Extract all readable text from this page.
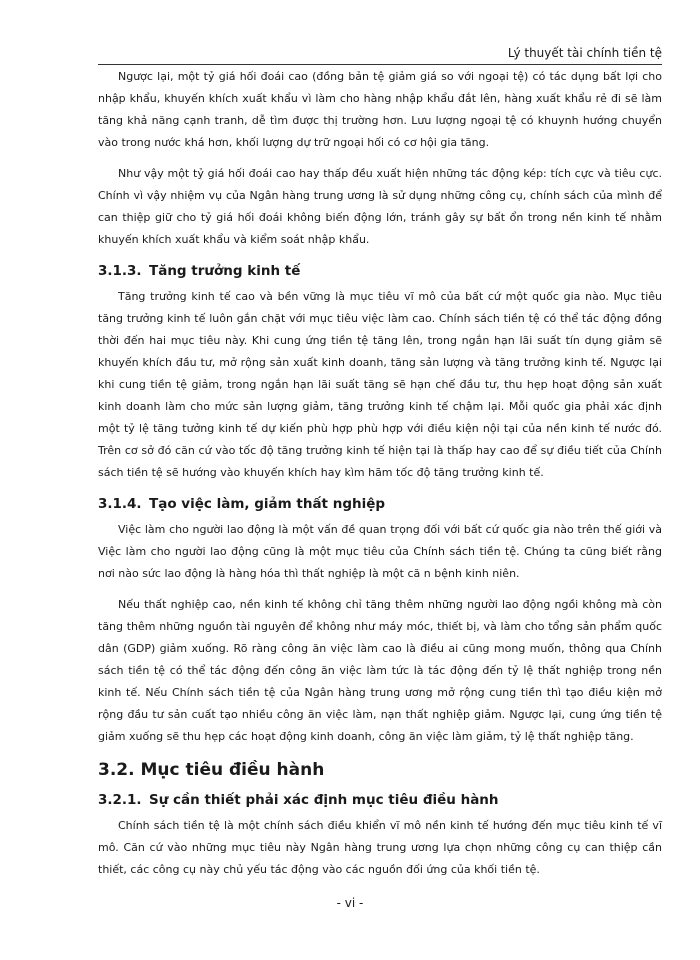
Lý thuyết tài chính tiền tệ

Ngược lại, một tỷ giá hối đoái cao (đồng bản tệ giảm giá so với ngoại tệ) có tác dụng bất lợi cho nhập khẩu, khuyến khích xuất khẩu vì làm cho hàng nhập khẩu đắt lên, hàng xuất khẩu rẻ đi sẽ làm tăng khả năng cạnh tranh, dễ tìm được thị trường hơn. Lưu lượng ngoại tệ có khuynh hướng chuyển vào trong nước khá hơn, khối lượng dự trữ ngoại hối có cơ hội gia tăng.

Như vậy một tỷ giá hối đoái cao hay thấp đều xuất hiện những tác động kép: tích cực và tiêu cực. Chính vì vậy nhiệm vụ của Ngân hàng trung ương là sử dụng những công cụ, chính sách của mình để can thiệp giữ cho tỷ giá hối đoái không biến động lớn, tránh gây sự bất ổn trong nền kinh tế nhằm khuyến khích xuất khẩu và kiểm soát nhập khẩu.

3.1.3. Tăng trưởng kinh tế

Tăng trưởng kinh tế cao và bền vững là mục tiêu vĩ mô của bất cứ một quốc gia nào. Mục tiêu tăng trưởng kinh tế luôn gắn chặt với mục tiêu việc làm cao. Chính sách tiền tệ có thể tác động đồng thời đến hai mục tiêu này. Khi cung ứng tiền tệ tăng lên, trong ngắn hạn lãi suất tín dụng giảm sẽ khuyến khích đầu tư, mở rộng sản xuất kinh doanh, tăng sản lượng và tăng trưởng kinh tế. Ngược lại khi cung tiền tệ giảm, trong ngắn hạn lãi suất tăng sẽ hạn chế đầu tư, thu hẹp hoạt động sản xuất kinh doanh làm cho mức sản lượng giảm, tăng trưởng kinh tế chậm lại. Mỗi quốc gia phải xác định một tỷ lệ tăng tưởng kinh tế dự kiến phù hợp phù hợp với điều kiện nội tại của nền kinh tế nước đó. Trên cơ sở đó căn cứ vào tốc độ tăng trưởng kinh tế hiện tại là thấp hay cao để sự điều tiết của Chính sách tiền tệ sẽ hướng vào khuyến khích hay kìm hãm tốc độ tăng trưởng kinh tế.

3.1.4. Tạo việc làm, giảm thất nghiệp

Việc làm cho người lao động là một vấn đề quan trọng đối với bất cứ quốc gia nào trên thế giới và Việc làm cho người lao động cũng là một mục tiêu của Chính sách tiền tệ. Chúng ta cũng biết rằng nơi nào sức lao động là hàng hóa thì thất nghiệp là một că n bệnh kinh niên.

Nếu thất nghiệp cao, nền kinh tế không chỉ tăng thêm những người lao động ngồi không mà còn tăng thêm những nguồn tài nguyên để không như máy móc, thiết bị, và làm cho tổng sản phẩm quốc dân (GDP) giảm xuống. Rõ ràng công ăn việc làm cao là điều ai cũng mong muốn, thông qua Chính sách tiền tệ có thể tác động đến công ăn việc làm tức là tác động đến tỷ lệ thất nghiệp trong nền kinh tế. Nếu Chính sách tiền tệ của Ngân hàng trung ương mở rộng cung tiền thì tạo điều kiện mở rộng đầu tư sản cuất tạo nhiều công ăn việc làm, nạn thất nghiệp giảm. Ngược lại, cung ứng tiền tệ giảm xuống sẽ thu hẹp các hoạt động kinh doanh, công ăn việc làm giảm, tỷ lệ thất nghiệp tăng.

3.2. Mục tiêu điều hành
3.2.1. Sự cần thiết phải xác định mục tiêu điều hành

Chính sách tiền tệ là một chính sách điều khiển vĩ mô nền kinh tế hướng đến mục tiêu kinh tế vĩ mô. Căn cứ vào những mục tiêu này Ngân hàng trung ương lựa chọn những công cụ can thiệp cần thiết, các công cụ này chủ yếu tác động vào các nguồn đối ứng của khối tiền tệ.

- vi -
